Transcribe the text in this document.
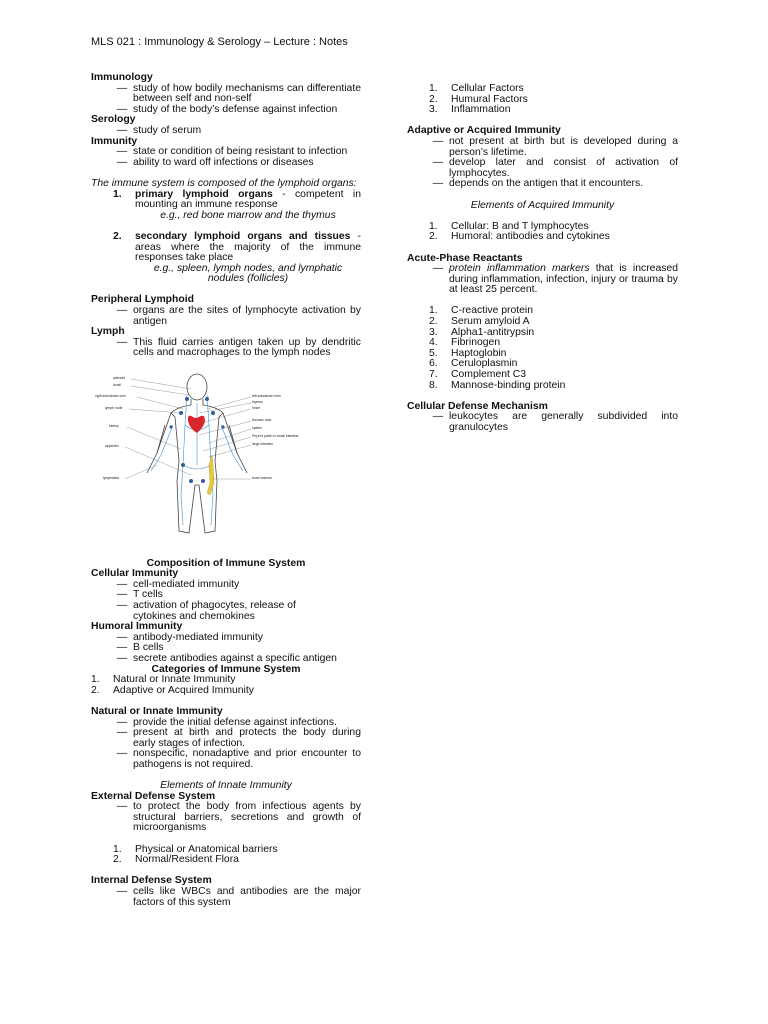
MLS 021 : Immunology & Serology – Lecture : Notes
Immunology
— study of how bodily mechanisms can differentiate between self and non-self
— study of the body’s defense against infection
Serology
— study of serum
Immunity
— state or condition of being resistant to infection
— ability to ward off infections or diseases
The immune system is composed of the lymphoid organs:
1.	primary lymphoid organs - competent in mounting an immune response
e.g., red bone marrow and the thymus
2.	secondary lymphoid organs and tissues - areas where the majority of the immune responses take place
e.g., spleen, lymph nodes, and lymphatic nodules (follicles)
Peripheral Lymphoid
— organs are the sites of lymphocyte activation by antigen
Lymph
— This fluid carries antigen taken up by dendritic cells and macrophages to the lymph nodes
adenoid
tonsil
right subclavian vein
lymph node
kidney
appendix
lymphatics
left subclavian vein
thymus
heart
thoracic duct
spleen
Peyer's patch in small intestine
large intestine
bone marrow
Composition of Immune System
Cellular Immunity
— cell-mediated immunity
— T cells
— activation of phagocytes, release of cytokines and chemokines
Humoral Immunity
— antibody-mediated immunity
— B cells
— secrete antibodies against a specific antigen
Categories of Immune System
1.	Natural or Innate Immunity
2.	Adaptive or Acquired Immunity
Natural or Innate Immunity
— provide the initial defense against infections.
— present at birth and protects the body during early stages of infection.
— nonspecific, nonadaptive and prior encounter to pathogens is not required.
Elements of Innate Immunity
External Defense System
— to protect the body from infectious agents by structural barriers, secretions and growth of microorganisms
1.	Physical or Anatomical barriers
2.	Normal/Resident Flora
Internal Defense System
— cells like WBCs and antibodies are the major factors of this system
1.	Cellular Factors
2.	Humural Factors
3.	Inflammation
Adaptive or Acquired Immunity
— not present at birth but is developed during a person’s lifetime.
— develop later and consist of activation of lymphocytes.
— depends on the antigen that it encounters.
Elements of Acquired Immunity
1.	Cellular: B and T lymphocytes
2.	Humoral: antibodies and cytokines
Acute-Phase Reactants
— protein inflammation markers that is increased during inflammation, infection, injury or trauma by at least 25 percent.
1.	C-reactive protein
2.	Serum amyloid A
3.	Alpha1-antitrypsin
4.	Fibrinogen
5.	Haptoglobin
6.	Ceruloplasmin
7.	Complement C3
8.	Mannose-binding protein
Cellular Defense Mechanism
— leukocytes are generally subdivided into granulocytes
